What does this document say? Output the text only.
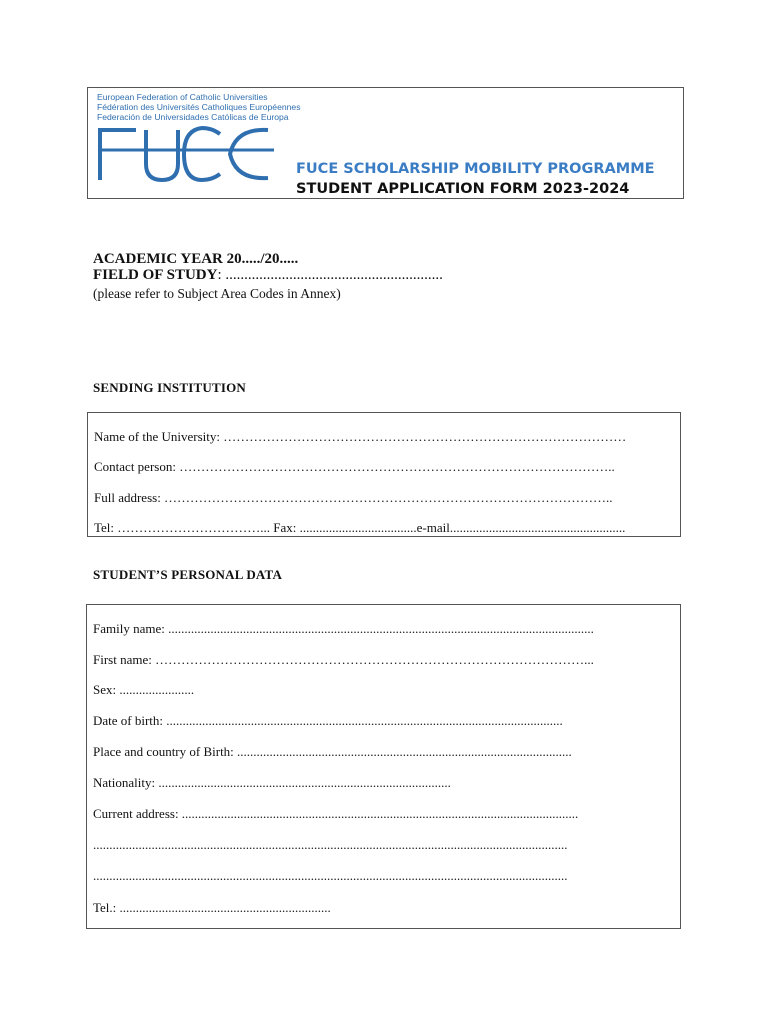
European Federation of Catholic Universities
Fédération des Universités Catholiques Européennes
Federación de Universidades Católicas de Europa
FUCE SCHOLARSHIP MOBILITY PROGRAMME
STUDENT APPLICATION FORM 2023-2024
ACADEMIC YEAR 20...../20.....
FIELD OF STUDY: ..........................................................
(please refer to Subject Area Codes in Annex)
SENDING INSTITUTION
Name of the University: …………………………………………………………………………………
Contact person: ………………………………………………………………………………………..
Full address: …………………………………………………………………………………………..
Tel: ……………………………... Fax: ....................................e-mail......................................................
STUDENT’S PERSONAL DATA
Family name: ...................................................................................................................................
First name: ………………………………………………………………………………………...
Sex: .......................
Date of birth: ..........................................................................................................................
Place and country of Birth: .......................................................................................................
Nationality: ..........................................................................................
Current address: ..........................................................................................................................
..................................................................................................................................................
..................................................................................................................................................
Tel.: .................................................................
